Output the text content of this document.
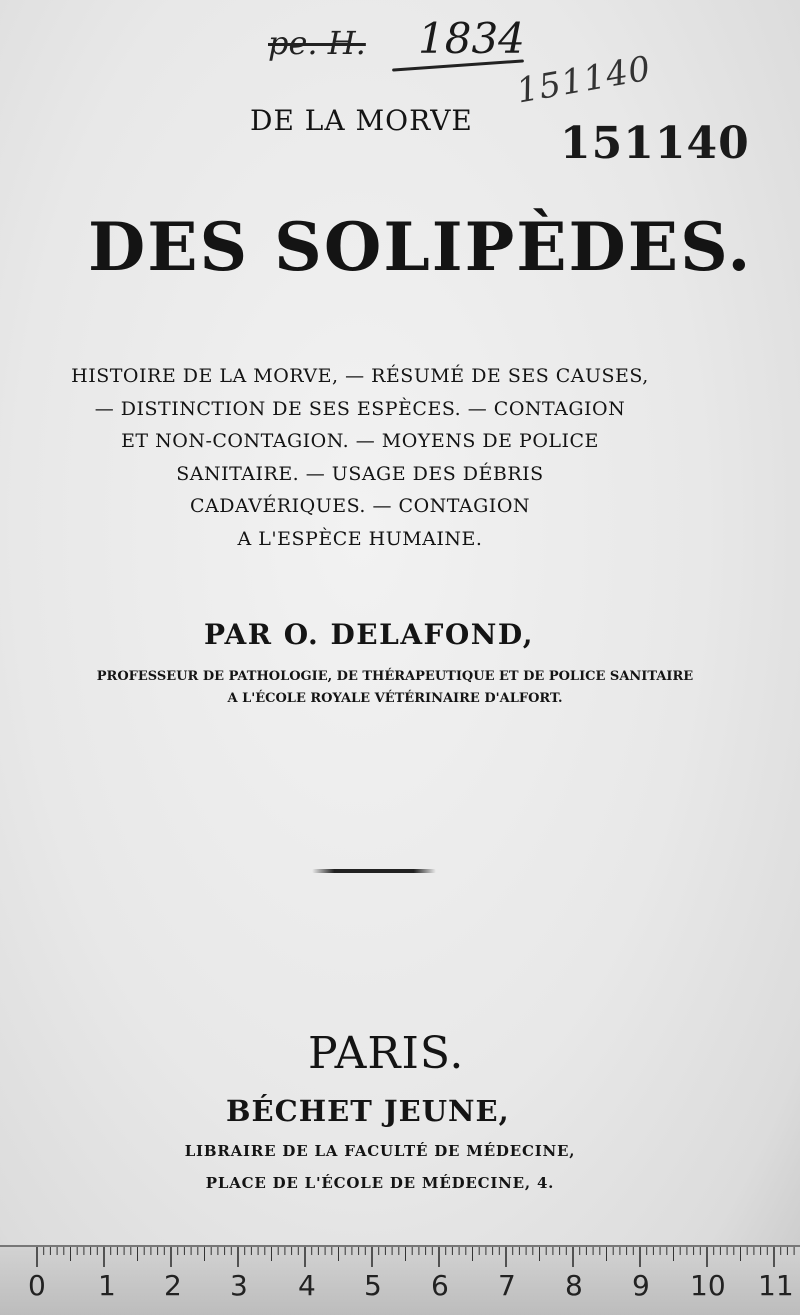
pe. H. 1834
151140
151140
DE LA MORVE
DES SOLIPÈDES.
HISTOIRE DE LA MORVE, — RÉSUMÉ DE SES CAUSES,
— DISTINCTION DE SES ESPÈCES. — CONTAGION
ET NON-CONTAGION. — MOYENS DE POLICE
SANITAIRE. — USAGE DES DÉBRIS
CADAVÉRIQUES. — CONTAGION
A L'ESPÈCE HUMAINE.
PAR O. DELAFOND,
PROFESSEUR DE PATHOLOGIE, DE THÉRAPEUTIQUE ET DE POLICE SANITAIRE
A L'ÉCOLE ROYALE VÉTÉRINAIRE D'ALFORT.
PARIS.
BÉCHET JEUNE,
LIBRAIRE DE LA FACULTÉ DE MÉDECINE,
PLACE DE L'ÉCOLE DE MÉDECINE, 4.
0 1 2 3 4 5 6 7 8 9 10 11
